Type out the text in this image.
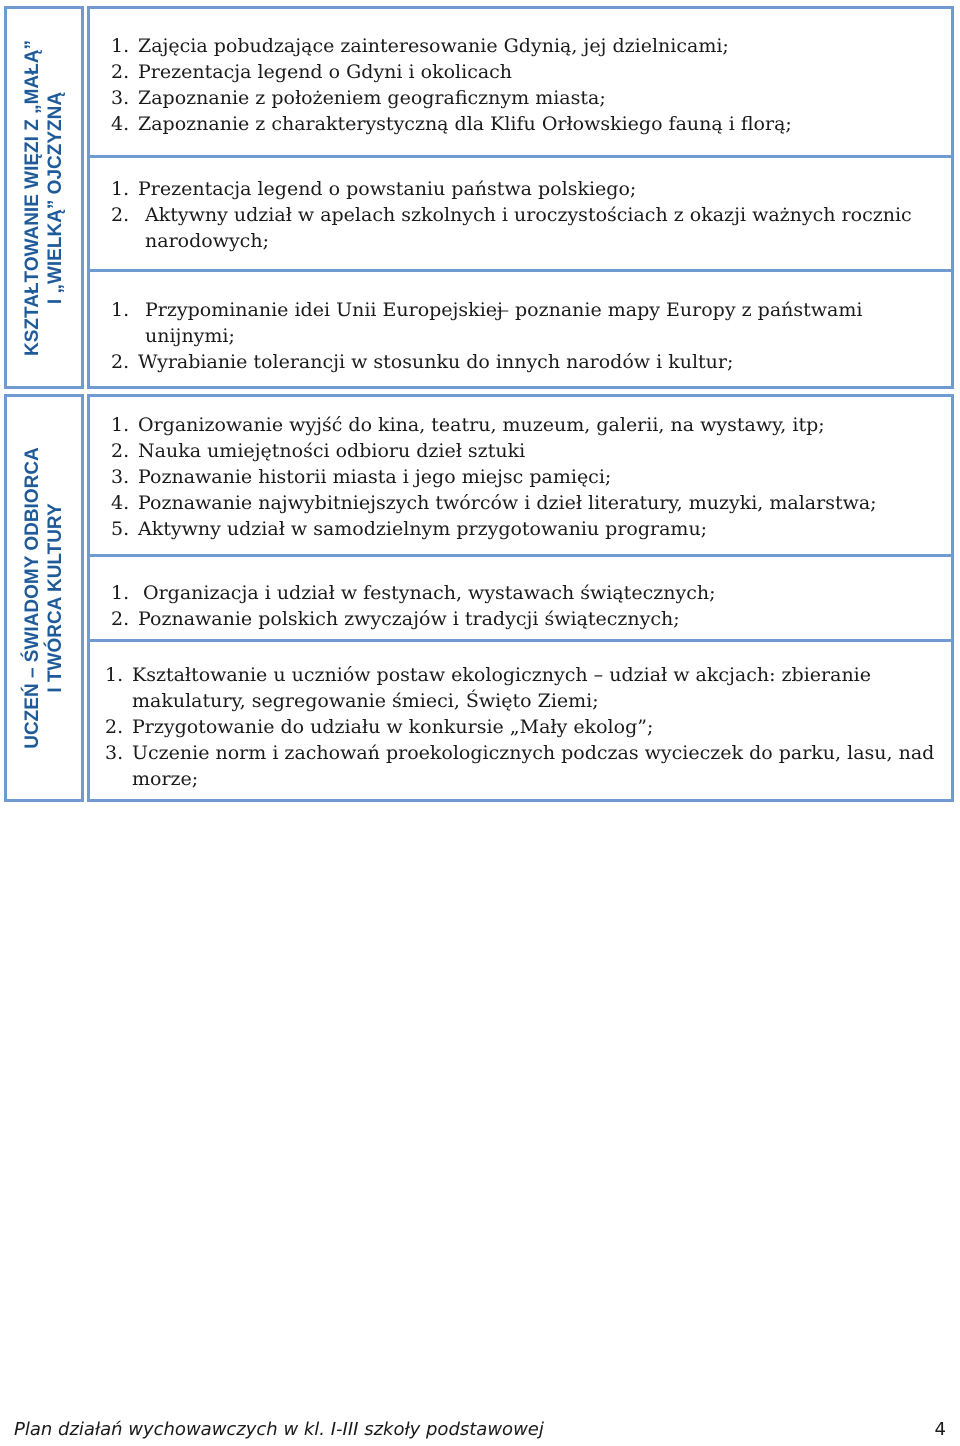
KSZTAŁTOWANIE WIĘZI Z „MAŁĄ” I „WIELKĄ” OJCZYZNĄ
1. Zajęcia pobudzające zainteresowanie Gdynią, jej dzielnicami;
2. Prezentacja legend o Gdyni i okolicach
3. Zapoznanie z położeniem geograficznym miasta;
4. Zapoznanie z charakterystyczną dla Klifu Orłowskiego fauną i florą;
1. Prezentacja legend o powstaniu państwa polskiego;
2. Aktywny udział w apelach szkolnych i uroczystościach z okazji ważnych rocznic narodowych;
1. Przypominanie idei Unii Europejskiej ̶ poznanie mapy Europy z państwami unijnymi;
2. Wyrabianie tolerancji w stosunku do innych narodów i kultur;
UCZEŃ – ŚWIADOMY ODBIORCA I TWÓRCA KULTURY
1. Organizowanie wyjść do kina, teatru, muzeum, galerii, na wystawy, itp;
2. Nauka umiejętności odbioru dzieł sztuki
3. Poznawanie historii miasta i jego miejsc pamięci;
4. Poznawanie najwybitniejszych twórców i dzieł literatury, muzyki, malarstwa;
5. Aktywny udział w samodzielnym przygotowaniu programu;
1. Organizacja i udział w festynach, wystawach świątecznych;
2. Poznawanie polskich zwyczajów i tradycji świątecznych;
1. Kształtowanie u uczniów postaw ekologicznych – udział w akcjach: zbieranie makulatury, segregowanie śmieci, Święto Ziemi;
2. Przygotowanie do udziału w konkursie „Mały ekolog”;
3. Uczenie norm i zachowań proekologicznych podczas wycieczek do parku, lasu, nad morze;
Plan działań wychowawczych w kl. I-III szkoły podstawowej	4
